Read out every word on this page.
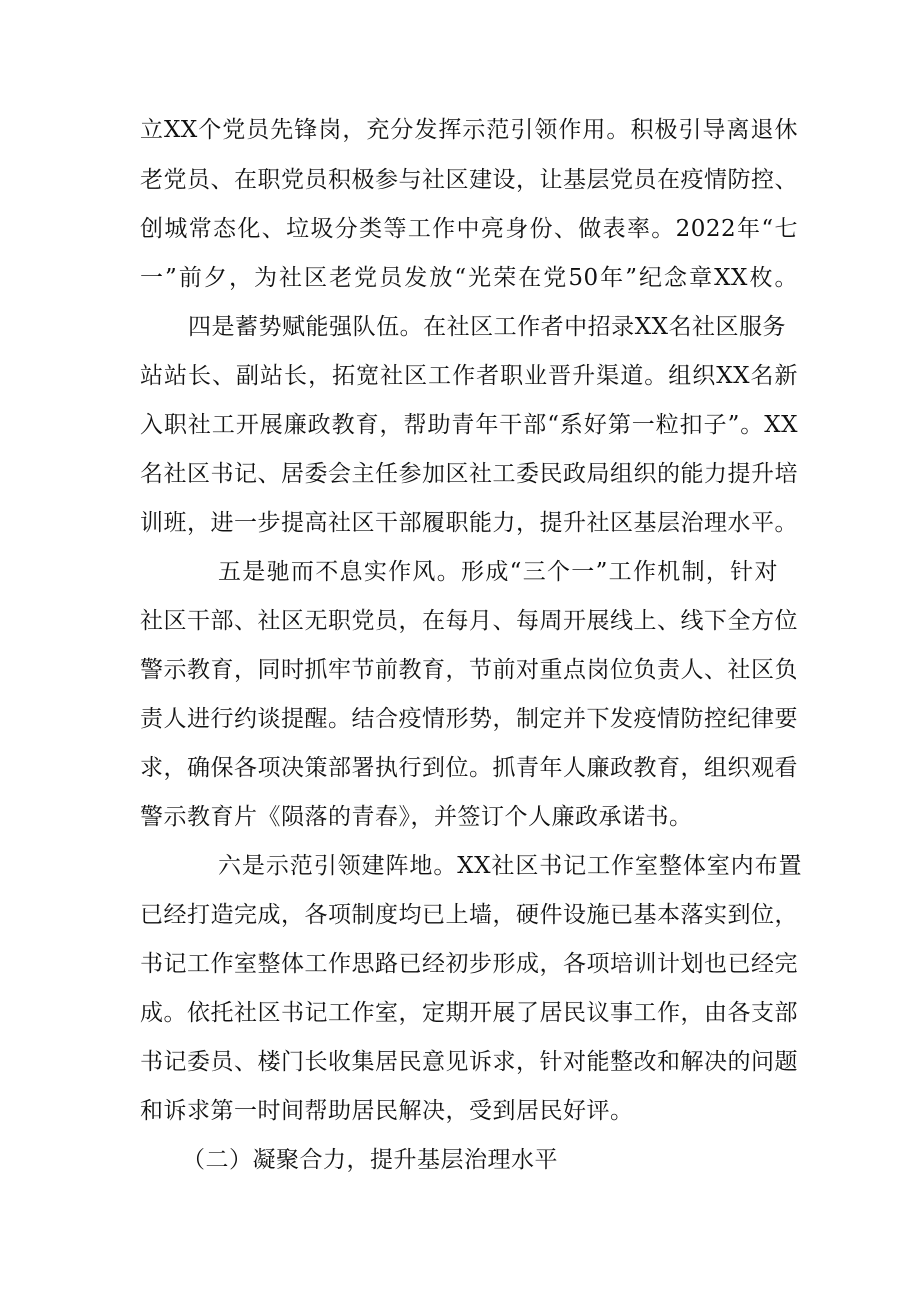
立XX个党员先锋岗，充分发挥示范引领作用。积极引导离退休
老党员、在职党员积极参与社区建设，让基层党员在疫情防控、
创城常态化、垃圾分类等工作中亮身份、做表率。2022年“七
一”前夕，为社区老党员发放“光荣在党50年”纪念章XX枚。
四是蓄势赋能强队伍。在社区工作者中招录XX名社区服务
站站长、副站长，拓宽社区工作者职业晋升渠道。组织XX名新
入职社工开展廉政教育，帮助青年干部“系好第一粒扣子”。XX
名社区书记、居委会主任参加区社工委民政局组织的能力提升培
训班，进一步提高社区干部履职能力，提升社区基层治理水平。
五是驰而不息实作风。形成“三个一”工作机制，针对
社区干部、社区无职党员，在每月、每周开展线上、线下全方位
警示教育，同时抓牢节前教育，节前对重点岗位负责人、社区负
责人进行约谈提醒。结合疫情形势，制定并下发疫情防控纪律要
求，确保各项决策部署执行到位。抓青年人廉政教育，组织观看
警示教育片《陨落的青春》，并签订个人廉政承诺书。
六是示范引领建阵地。XX社区书记工作室整体室内布置
已经打造完成，各项制度均已上墙，硬件设施已基本落实到位，
书记工作室整体工作思路已经初步形成，各项培训计划也已经完
成。依托社区书记工作室，定期开展了居民议事工作，由各支部
书记委员、楼门长收集居民意见诉求，针对能整改和解决的问题
和诉求第一时间帮助居民解决，受到居民好评。
（二）凝聚合力，提升基层治理水平
